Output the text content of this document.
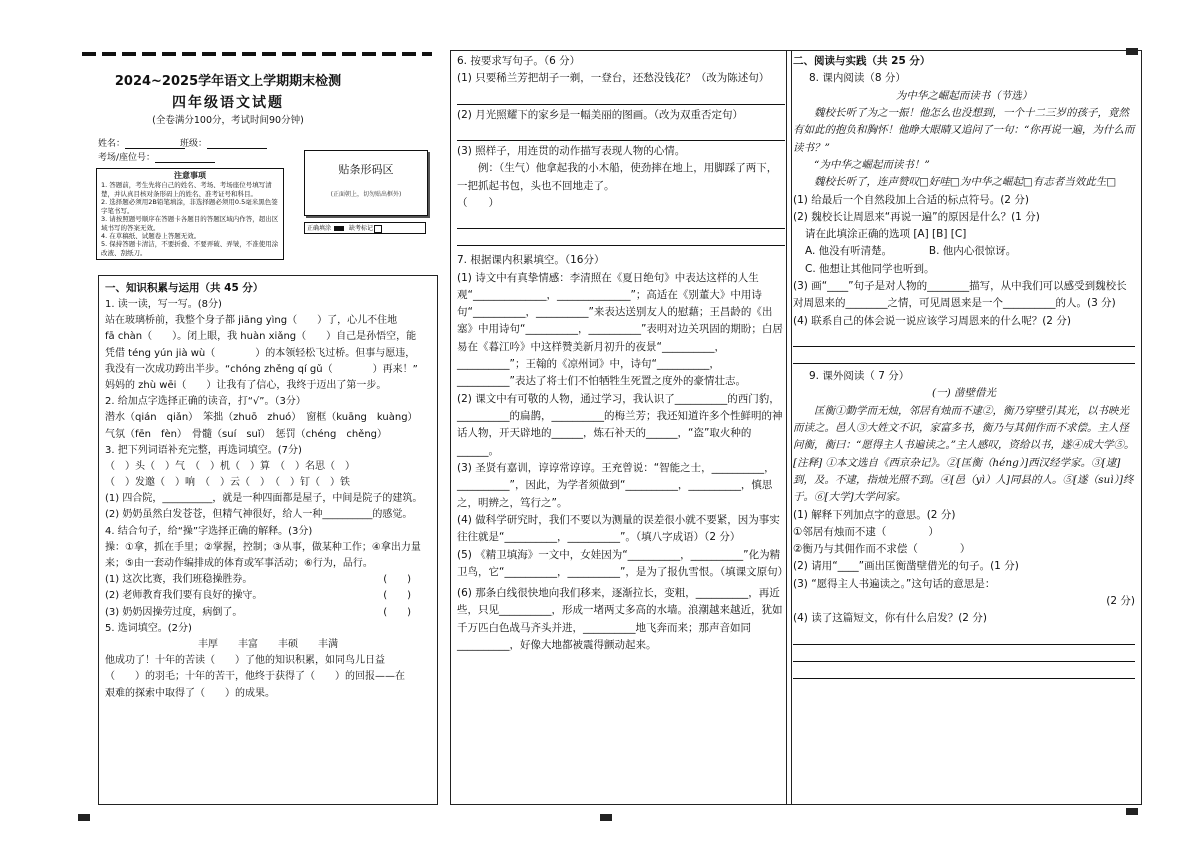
2024~2025学年语文上学期期末检测
四年级语文试题
(全卷满分100分，考试时间90分钟)
姓名：	班级：
考场/座位号：
注意事项
1. 答题前，考生先将自己的姓名、考场、考场座位号填写清楚，并认真目核对条形码上的姓名、准考证号和科目。
2. 选择题必须用2B铅笔填涂，非选择题必须用0.5毫米黑色签字笔书写。
3. 请按照题号顺序在答题卡各题目的答题区域内作答，超出区域书写的答案无效。
4. 在草稿纸、试题卷上答题无效。
5. 保持答题卡清洁，不要折叠、不要弄破、弄皱，不准使用涂改液、刮纸刀。
贴条形码区
(正面朝上，切勿贴出框外)
正确填涂	缺考标记

一、知识积累与运用（共 45 分）

1. 读一读，写一写。(8分)

站在玻璃桥前，我整个身子都 jiāng yìng（　　）了，心儿不住地

fā chàn（　　）。闭上眼，我 huàn xiǎng（　　）自己是孙悟空，能

凭借 téng yún jià wù（　　　　）的本领轻松飞过桥。但事与愿违，

我没有一次成功跨出半步。“chóng zhěng qí gǔ（　　　　）再来！”

妈妈的 zhù wēi（　　）让我有了信心，我终于迈出了第一步。

2. 给加点字选择正确的读音，打“√”。（3分）

潜水（qián　qiǎn）　笨拙（zhuō　zhuó）　窗框（kuāng　kuàng）

气氛（fēn　fèn）　骨髓（suí　suǐ）　惩罚（chéng　chěng）

3. 把下列词语补充完整，再选词填空。(7分)

（　）头（　）气　（　）机（　）算　（　）名思（　）

（　）发邀（　）响　（　）云（　）　（　）钉（　）铁

(1) 四合院，__________，就是一种四面都是屋子，中间是院子的建筑。

(2) 奶奶虽然白发苍苍，但精气神很好，给人一种__________的感觉。

4. 结合句子，给“操”字选择正确的解释。(3分)

操：①拿，抓在手里；②掌握，控制；③从事，做某种工作；④拿出力量来；⑤由一套动作编排成的体育或军事活动；⑥行为，品行。

(1) 这次比赛，我们班稳操胜券。	(　　)

(2) 老师教育我们要有良好的操守。	(　　)

(3) 奶奶因操劳过度，病倒了。	(　　)

5. 选词填空。(2分)

丰厚　　丰富　　丰硕　　丰满

他成功了！十年的苦读（　　）了他的知识积累，如同鸟儿日益

（　　）的羽毛；十年的苦干，他终于获得了（　　）的回报——在

艰难的探索中取得了（　　）的成果。

6. 按要求写句子。（6 分）

(1) 只要稀兰芳把胡子一剃，一登台，还愁没钱花？（改为陈述句）

(2) 月光照耀下的家乡是一幅美丽的图画。（改为双重否定句）

(3) 照样子，用连贯的动作描写表现人物的心情。

例：（生气）他拿起我的小木船，使劲摔在地上，用脚踩了两下，一把抓起书包，头也不回地走了。

（　　）

7. 根据课内积累填空。（16分）

(1) 诗文中有真挚情感：李清照在《夏日绝句》中表达这样的人生观“______________，______________”；高适在《别董大》中用诗句“__________，__________”来表达送别友人的慰藉；王昌龄的《出塞》中用诗句“__________，__________”表明对边关巩固的期盼；白居易在《暮江吟》中这样赞美新月初升的夜景“__________，__________”；王翰的《凉州词》中，诗句“__________，__________”表达了将士们不怕牺牲生死置之度外的豪情壮志。

(2) 课文中有可敬的人物，通过学习，我认识了__________的西门豹，__________的扁鹊，__________的梅兰芳；我还知道许多个性鲜明的神话人物，开天辟地的______，炼石补天的______，“盗”取火种的______。

(3) 圣贤有嘉训，谆谆常谆谆。王充曾说：“智能之士，__________，__________”，因此，为学者须做到“__________，__________，慎思之，明辨之，笃行之”。

(4) 做科学研究时，我们不要以为测量的误差很小就不要紧，因为事实往往就是“__________，__________”。（填八字成语）（2 分）

(5) 《精卫填海》一文中，女娃因为“__________，__________”化为精卫鸟，它“__________，__________”，是为了报仇雪恨。（填课文原句）

(6) 那条白线很快地向我们移来，逐渐拉长，变粗，__________，再近些，只见__________，形成一堵两丈多高的水墙。浪潮越来越近，犹如千万匹白色战马齐头并进，__________地飞奔而来；那声音如同__________，好像大地都被震得颤动起来。

二、阅读与实践（共 25 分）

8. 课内阅读（8 分）

为中华之崛起而读书（节选）

魏校长听了为之一振！他怎么也没想到，一个十二三岁的孩子，竟然有如此的抱负和胸怀！他睁大眼睛又追问了一句：“你再说一遍，为什么而读书？”

“为中华之崛起而读书！”

魏校长听了，连声赞叹□好哇□为中华之崛起□有志者当效此生□

(1) 给最后一个自然段加上合适的标点符号。(2 分)

(2) 魏校长让周恩来“再说一遍”的原因是什么？(1 分)

请在此填涂正确的选项 [A] [B] [C]

A. 他没有听清楚。　　　　B. 他内心很惊讶。

C. 他想让其他同学也听到。

(3) 画“____”句子是对人物的________描写，从中我们可以感受到魏校长对周恩来的________之情，可见周恩来是一个__________的人。(3 分)

(4) 联系自己的体会说一说应该学习周恩来的什么呢？(2 分)

9. 课外阅读（ 7 分）

(一) 凿壁借光

匡衡①勤学而无烛，邻居有烛而不逮②，衡乃穿壁引其光，以书映光而读之。邑人③大姓文不识，家富多书，衡乃与其佣作而不求偿。主人怪问衡，衡曰：“愿得主人书遍读之。”主人感叹，资给以书，遂④成大学⑤。

[注释] ①本文选自《西京杂记》。②[匡衡（héng）]西汉经学家。③[逮]到，及。不逮，指烛光照不到。④[邑（yì）人]同县的人。⑤[遂（suì）]终于。⑥[大学]大学问家。

(1) 解释下列加点字的意思。(2 分)

①邻居有烛而不逮（　　　　）

②衡乃与其佣作而不求偿（　　　　）

(2) 请用“____”画出匡衡凿壁借光的句子。(1 分)

(3) “愿得主人书遍读之。”这句话的意思是：

(2 分)

(4) 读了这篇短文，你有什么启发？(2 分)
